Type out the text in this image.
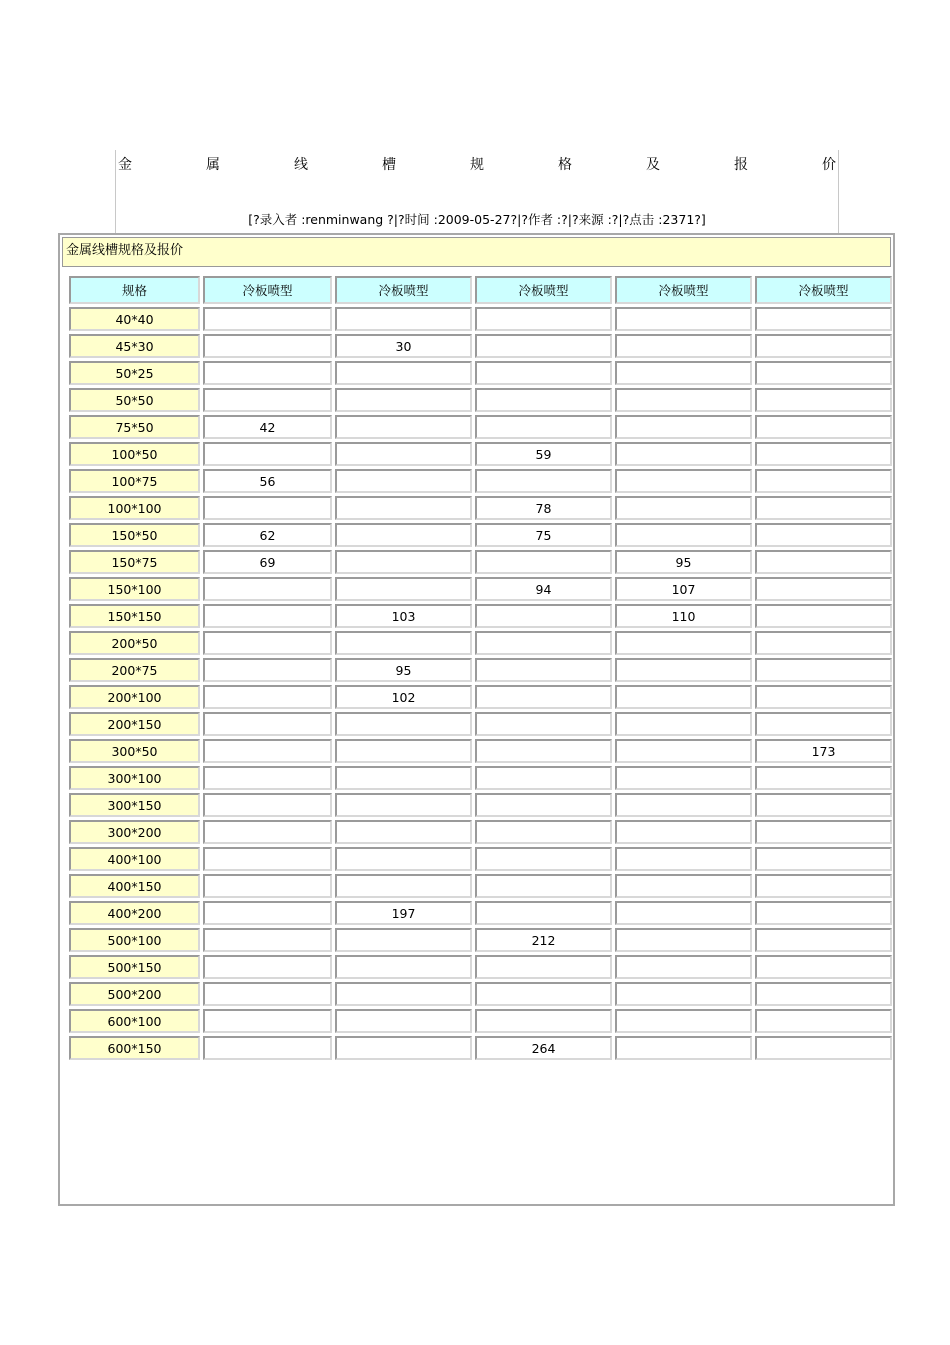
金	属	线	槽	规	格	及	报	价
[?录入者 :renminwang ?|?时间 :2009-05-27?|?作者 :?|?来源 :?|?点击 :2371?]
金属线槽规格及报价
规格	冷板喷型	冷板喷型	冷板喷型	冷板喷型	冷板喷型
40*40					
45*30		30			
50*25					
50*50					
75*50	42				
100*50			59		
100*75	56				
100*100			78		
150*50	62		75		
150*75	69			95	
150*100			94	107	
150*150		103		110	
200*50					
200*75		95			
200*100		102			
200*150					
300*50					173
300*100					
300*150					
300*200					
400*100					
400*150					
400*200		197			
500*100			212		
500*150					
500*200					
600*100					
600*150			264		
